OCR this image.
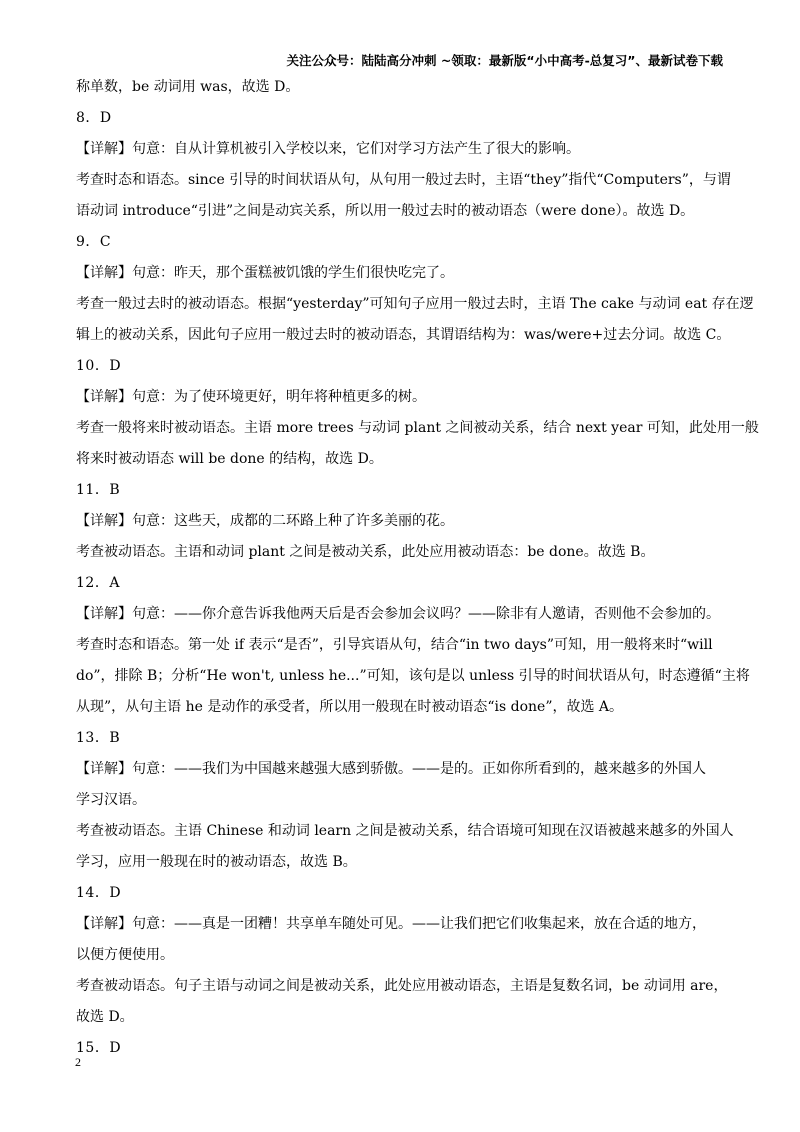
关注公众号：陆陆高分冲刺 ~领取：最新版“小中高考-总复习”、最新试卷下载
称单数，be 动词用 was，故选 D。
8．D
【详解】句意：自从计算机被引入学校以来，它们对学习方法产生了很大的影响。
考查时态和语态。since 引导的时间状语从句，从句用一般过去时，主语“they”指代“Computers”，与谓
语动词 introduce“引进”之间是动宾关系，所以用一般过去时的被动语态（were done）。故选 D。
9．C
【详解】句意：昨天，那个蛋糕被饥饿的学生们很快吃完了。
考查一般过去时的被动语态。根据“yesterday”可知句子应用一般过去时，主语 The cake 与动词 eat 存在逻
辑上的被动关系，因此句子应用一般过去时的被动语态，其谓语结构为：was/were+过去分词。故选 C。
10．D
【详解】句意：为了使环境更好，明年将种植更多的树。
考查一般将来时被动语态。主语 more trees 与动词 plant 之间被动关系，结合 next year 可知，此处用一般
将来时被动语态 will be done 的结构，故选 D。
11．B
【详解】句意：这些天，成都的二环路上种了许多美丽的花。
考查被动语态。主语和动词 plant 之间是被动关系，此处应用被动语态：be done。故选 B。
12．A
【详解】句意：——你介意告诉我他两天后是否会参加会议吗？——除非有人邀请，否则他不会参加的。
考查时态和语态。第一处 if 表示“是否”，引导宾语从句，结合“in two days”可知，用一般将来时“will
do”，排除 B；分析“He won't, unless he...”可知，该句是以 unless 引导的时间状语从句，时态遵循“主将
从现”，从句主语 he 是动作的承受者，所以用一般现在时被动语态“is done”，故选 A。
13．B
【详解】句意：——我们为中国越来越强大感到骄傲。——是的。正如你所看到的，越来越多的外国人
学习汉语。
考查被动语态。主语 Chinese 和动词 learn 之间是被动关系，结合语境可知现在汉语被越来越多的外国人
学习，应用一般现在时的被动语态，故选 B。
14．D
【详解】句意：——真是一团糟！共享单车随处可见。——让我们把它们收集起来，放在合适的地方，
以便方便使用。
考查被动语态。句子主语与动词之间是被动关系，此处应用被动语态，主语是复数名词，be 动词用 are，
故选 D。
15．D
2
